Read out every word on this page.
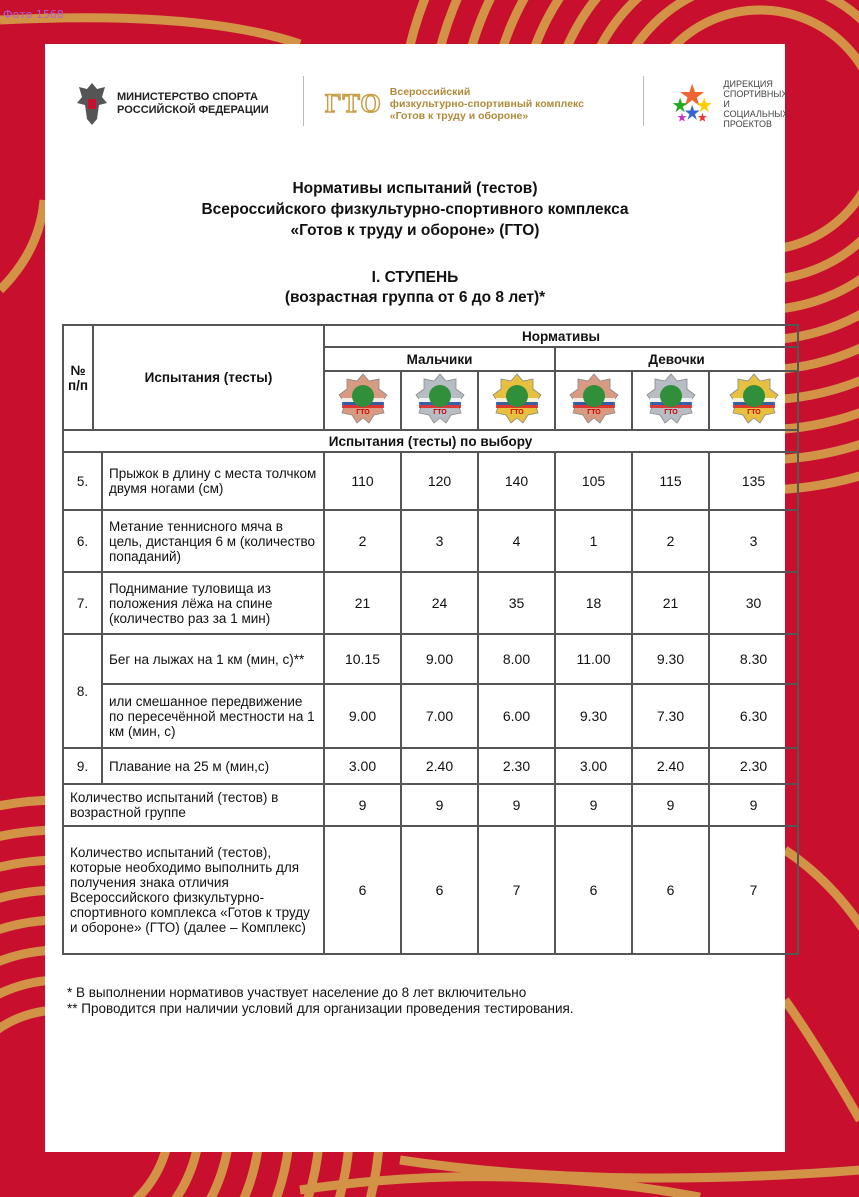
Фото 1568
МИНИСТЕРСТВО СПОРТА
РОССИЙСКОЙ ФЕДЕРАЦИИ ГТО Всероссийский
физкультурно-спортивный комплекс
«Готов к труду и обороне»
ДИРЕКЦИЯ
СПОРТИВНЫХ
И СОЦИАЛЬНЫХ
ПРОЕКТОВ
Нормативы испытаний (тестов)
Всероссийского физкультурно-спортивного комплекса
«Готов к труду и обороне» (ГТО)
I. СТУПЕНЬ
(возрастная группа от 6 до 8 лет)*
№ п/п	Испытания (тесты)		Нормативы					
			Мальчики			Девочки		

ГТО	ГТО	ГТО	ГТО	ГТО	ГТО

Испытания (тесты) по выбору								
5.		Прыжок в длину с места толчком двумя ногами (см)	110	120	140	105	115	135
6.		Метание теннисного мяча в цель, дистанция 6 м (количество попаданий)	2	3	4	1	2	3
7.		Поднимание туловища из положения лёжа на спине (количество раз за 1 мин)	21	24	35	18	21	30
8.		Бег на лыжах на 1 км (мин, с)**	10.15	9.00	8.00	11.00	9.30	8.30
		или смешанное передвижение по пересечённой местности на 1 км (мин, с)	9.00	7.00	6.00	9.30	7.30	6.30
9.		Плавание на 25 м (мин,с)	3.00	2.40	2.30	3.00	2.40	2.30
Количество испытаний (тестов) в возрастной группе			9	9	9	9	9	9
Количество испытаний (тестов), которые необходимо выполнить для получения знака отличия Всероссийского физкультурно-спортивного комплекса «Готов к труду и обороне» (ГТО) (далее – Комплекс)			6	6	7	6	6	7
* В выполнении нормативов участвует население до 8 лет включительно
** Проводится при наличии условий для организации проведения тестирования.
